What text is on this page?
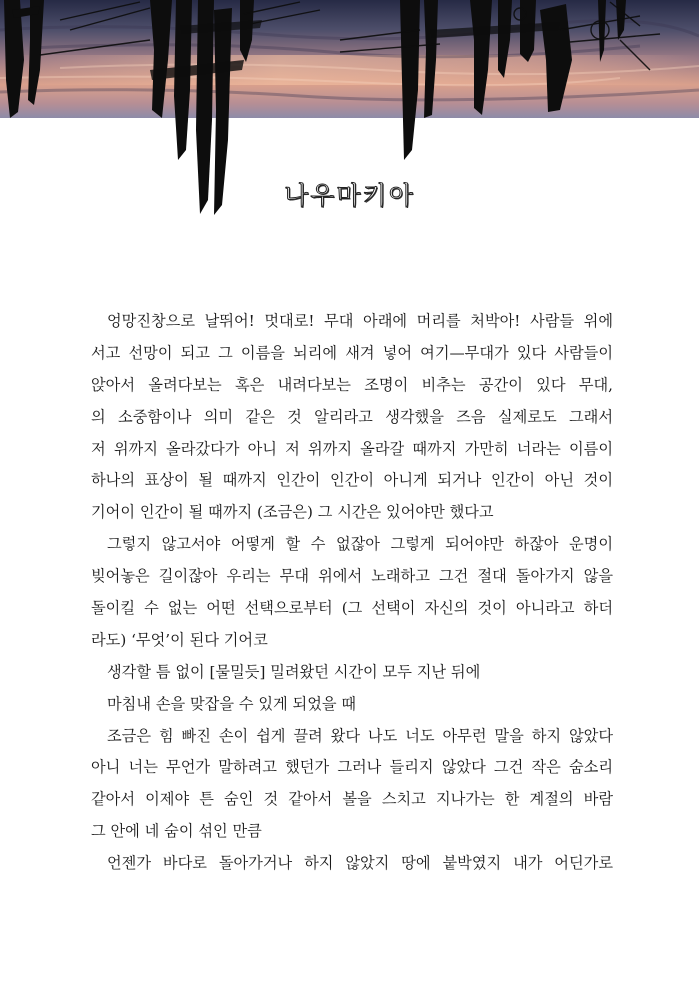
나우마키아
엉망진창으로 날뛰어! 멋대로! 무대 아래에 머리를 처박아! 사람들 위에
서고 선망이 되고 그 이름을 뇌리에 새겨 넣어 여기—무대가 있다 사람들이
앉아서 올려다보는 혹은 내려다보는 조명이 비추는 공간이 있다 무대,
의 소중함이나 의미 같은 것 알리라고 생각했을 즈음 실제로도 그래서
저 위까지 올라갔다가 아니 저 위까지 올라갈 때까지 가만히 너라는 이름이
하나의 표상이 될 때까지 인간이 인간이 아니게 되거나 인간이 아닌 것이
기어이 인간이 될 때까지 (조금은) 그 시간은 있어야만 했다고
그렇지 않고서야 어떻게 할 수 없잖아 그렇게 되어야만 하잖아 운명이
빚어놓은 길이잖아 우리는 무대 위에서 노래하고 그건 절대 돌아가지 않을
돌이킬 수 없는 어떤 선택으로부터 (그 선택이 자신의 것이 아니라고 하더
라도) ‘무엇’이 된다 기어코
생각할 틈 없이 [물밀듯] 밀려왔던 시간이 모두 지난 뒤에
마침내 손을 맞잡을 수 있게 되었을 때
조금은 힘 빠진 손이 쉽게 끌려 왔다 나도 너도 아무런 말을 하지 않았다
아니 너는 무언가 말하려고 했던가 그러나 들리지 않았다 그건 작은 숨소리
같아서 이제야 튼 숨인 것 같아서 볼을 스치고 지나가는 한 계절의 바람
그 안에 네 숨이 섞인 만큼
언젠가 바다로 돌아가거나 하지 않았지 땅에 붙박였지 내가 어딘가로
